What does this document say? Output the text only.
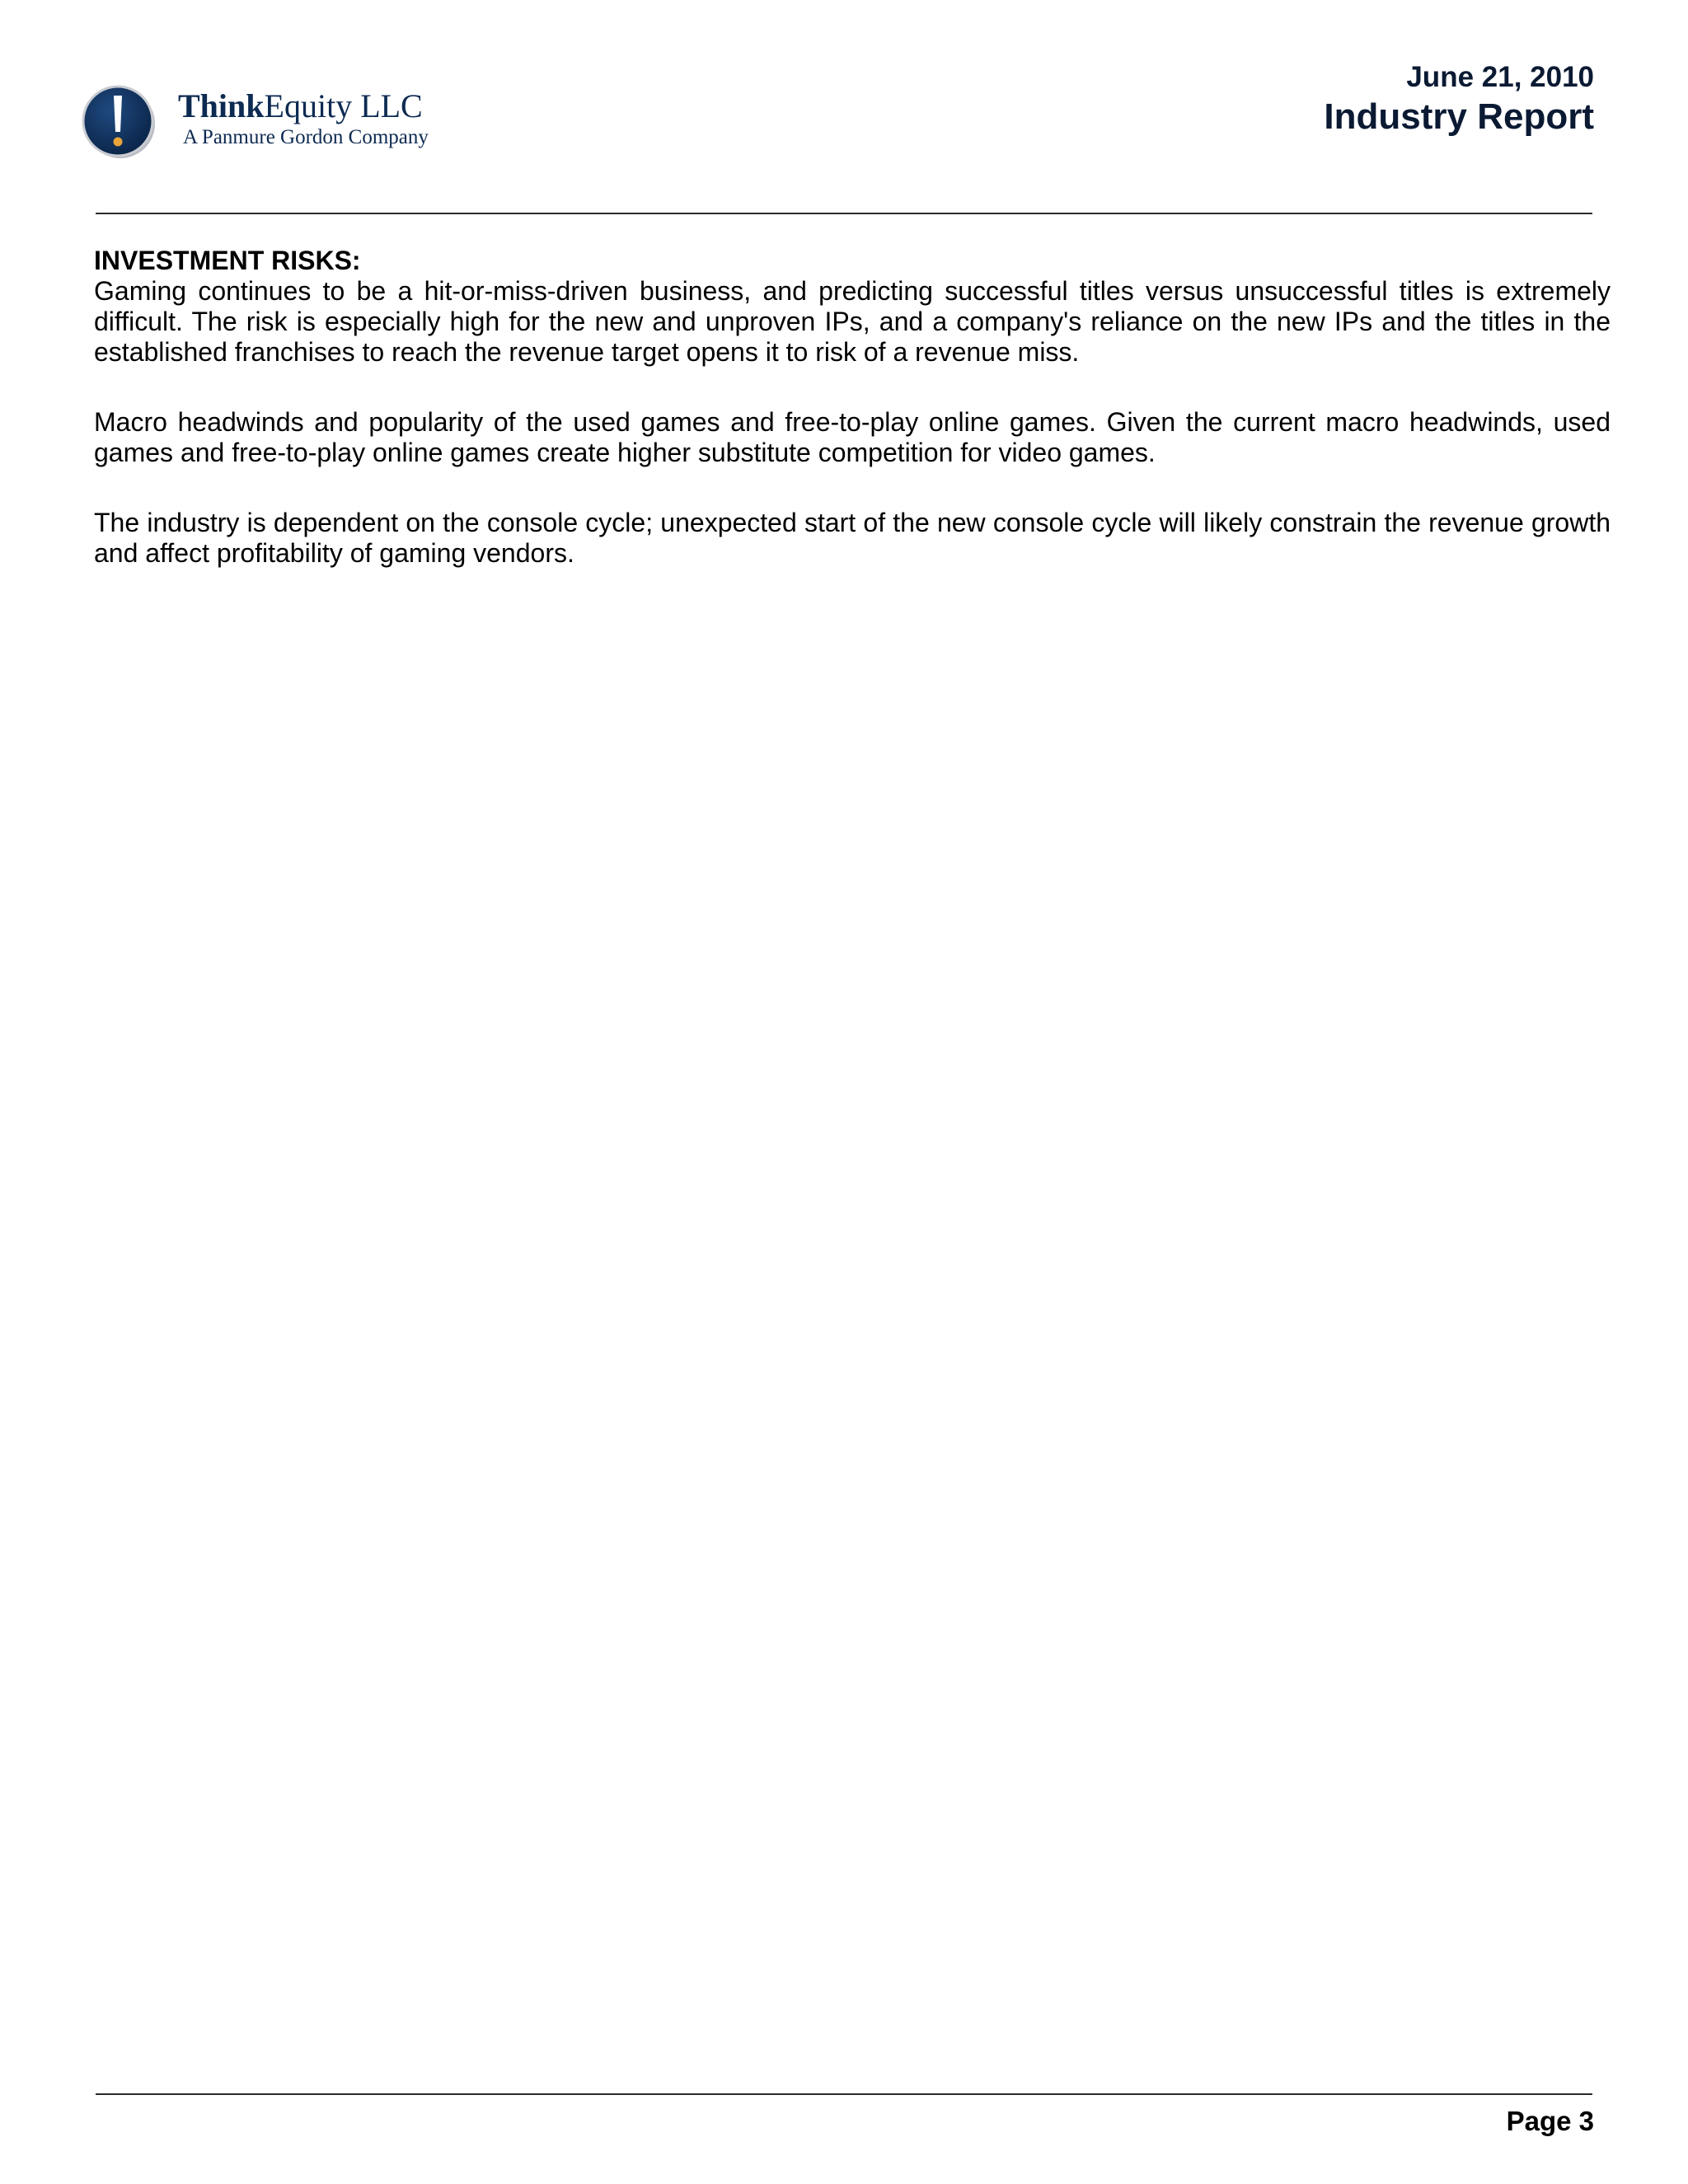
ThinkEquity LLC
A Panmure Gordon Company
June 21, 2010
Industry Report
INVESTMENT RISKS:

Gaming continues to be a hit-or-miss-driven business, and predicting successful titles versus unsuccessful titles is extremely difficult. The risk is especially high for the new and unproven IPs, and a company's reliance on the new IPs and the titles in the established franchises to reach the revenue target opens it to risk of a revenue miss.

Macro headwinds and popularity of the used games and free-to-play online games. Given the current macro headwinds, used games and free-to-play online games create higher substitute competition for video games.

The industry is dependent on the console cycle; unexpected start of the new console cycle will likely constrain the revenue growth and affect profitability of gaming vendors.

Page 3
